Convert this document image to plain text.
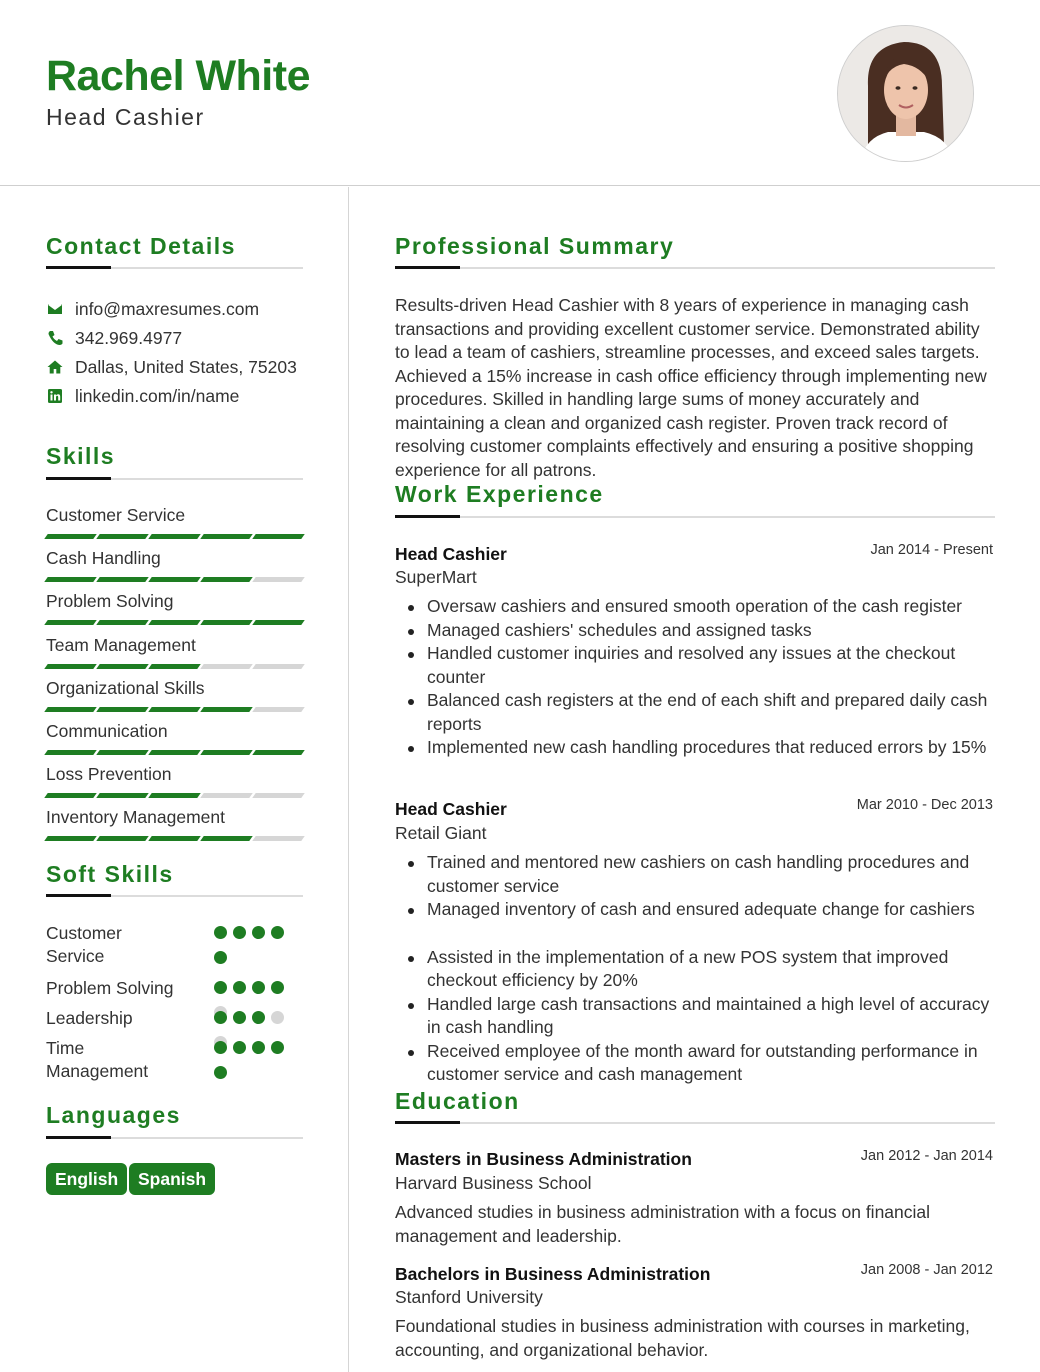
Rachel White
Head Cashier
Contact Details
info@maxresumes.com
342.969.4977
Dallas, United States, 75203
linkedin.com/in/name
Skills
Customer Service
Cash Handling
Problem Solving
Team Management
Organizational Skills
Communication
Loss Prevention
Inventory Management
Soft Skills
Customer Service
Problem Solving
Leadership
Time Management
Languages
English	Spanish
Professional Summary
Results-driven Head Cashier with 8 years of experience in managing cash transactions and providing excellent customer service. Demonstrated ability to lead a team of cashiers, streamline processes, and exceed sales targets. Achieved a 15% increase in cash office efficiency through implementing new procedures. Skilled in handling large sums of money accurately and maintaining a clean and organized cash register. Proven track record of resolving customer complaints effectively and ensuring a positive shopping experience for all patrons.
Work Experience
Head Cashier	Jan 2014 - Present
SuperMart
Oversaw cashiers and ensured smooth operation of the cash register
Managed cashiers' schedules and assigned tasks
Handled customer inquiries and resolved any issues at the checkout counter
Balanced cash registers at the end of each shift and prepared daily cash reports
Implemented new cash handling procedures that reduced errors by 15%
Head Cashier	Mar 2010 - Dec 2013
Retail Giant
Trained and mentored new cashiers on cash handling procedures and customer service
Managed inventory of cash and ensured adequate change for cashiers
Assisted in the implementation of a new POS system that improved checkout efficiency by 20%
Handled large cash transactions and maintained a high level of accuracy in cash handling
Received employee of the month award for outstanding performance in customer service and cash management
Education
Masters in Business Administration	Jan 2012 - Jan 2014
Harvard Business School
Advanced studies in business administration with a focus on financial management and leadership.
Bachelors in Business Administration	Jan 2008 - Jan 2012
Stanford University
Foundational studies in business administration with courses in marketing, accounting, and organizational behavior.
